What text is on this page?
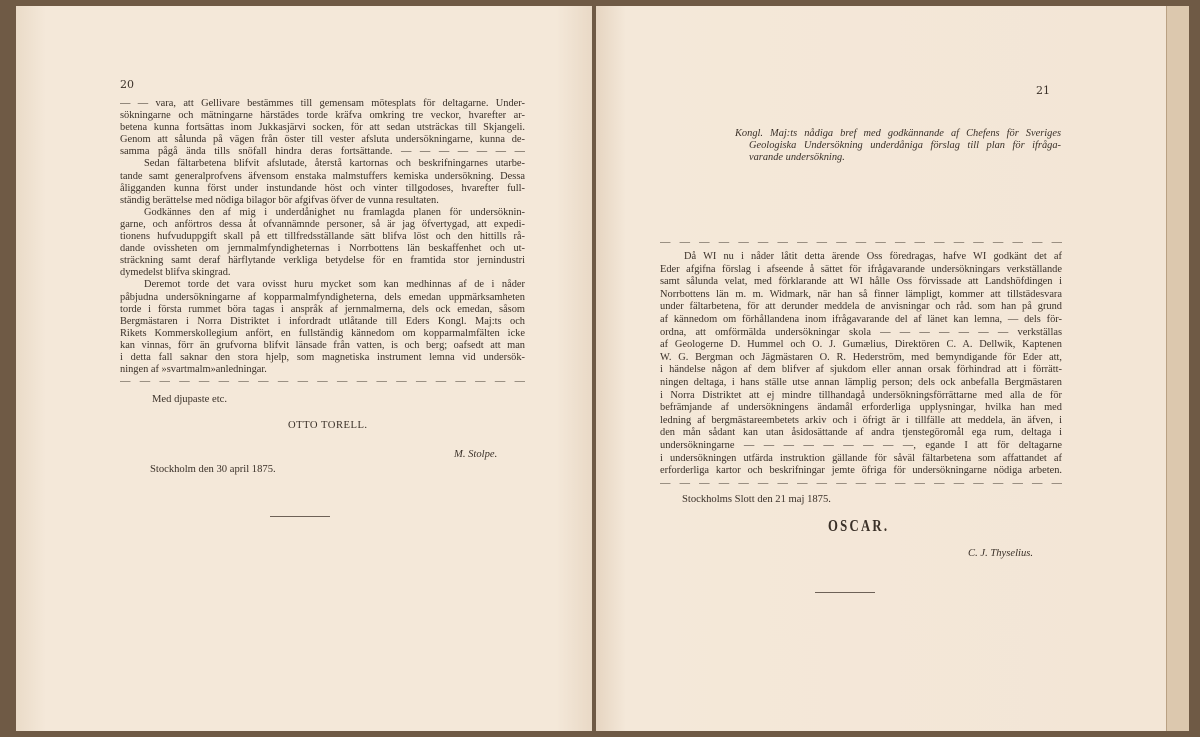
20
— — vara, att Gellivare bestämmes till gemensam mötesplats för deltagarne. Under-
sökningarne och mätningarne härstädes torde kräfva omkring tre veckor, hvarefter ar-
betena kunna fortsättas inom Jukkasjärvi socken, för att sedan utsträckas till Skjangeli.
Genom att sålunda på vägen från öster till vester afsluta undersökningarne, kunna de-
samma pågå ända tills snöfall hindra deras fortsättande. — — — — — — —
Sedan fältarbetena blifvit afslutade, återstå kartornas och beskrifningarnes utarbe-
tande samt generalprofvens äfvensom enstaka malmstuffers kemiska undersökning. Dessa
åligganden kunna först under instundande höst och vinter tillgodoses, hvarefter full-
ständig berättelse med nödiga bilagor bör afgifvas öfver de vunna resultaten.
Godkännes den af mig i underdånighet nu framlagda planen för undersöknin-
garne, och anförtros dessa åt ofvannämnde personer, så är jag öfvertygad, att expedi-
tionens hufvuduppgift skall på ett tillfredsställande sätt blifva löst och den hittills rå-
dande ovissheten om jernmalmfyndigheternas i Norrbottens län beskaffenhet och ut-
sträckning samt deraf härflytande verkliga betydelse för en framtida stor jernindustri
dymedelst blifva skingrad.
Deremot torde det vara ovisst huru mycket som kan medhinnas af de i nåder
påbjudna undersökningarne af kopparmalmfyndigheterna, dels emedan uppmärksamheten
torde i första rummet böra tagas i anspråk af jernmalmerna, dels ock emedan, såsom
Bergmästaren i Norra Distriktet i infordradt utlåtande till Eders Kongl. Maj:ts och
Rikets Kommerskollegium anfört, en fullständig kännedom om kopparmalmfälten icke
kan vinnas, förr än grufvorna blifvit länsade från vatten, is och berg; oafsedt att man
i detta fall saknar den stora hjelp, som magnetiska instrument lemna vid undersök-
ningen af »svartmalm»anledningar.
— — — — — — — — — — — — — — — — — — — — —
Med djupaste etc.
OTTO TORELL.
M. Stolpe.
Stockholm den 30 april 1875.
21
Kongl. Maj:ts nådiga bref med godkännande af Chefens för Sveriges
Geologiska Undersökning underdåniga förslag till plan för ifråga-
varande undersökning.
— — — — — — — — — — — — — — — — — — — — —
Då WI nu i nåder låtit detta ärende Oss föredragas, hafve WI godkänt det af
Eder afgifna förslag i afseende å sättet för ifrågavarande undersökningars verkställande
samt sålunda velat, med förklarande att WI hålle Oss förvissade att Landshöfdingen i
Norrbottens län m. m. Widmark, när han så finner lämpligt, kommer att tillstädesvara
under fältarbetena, för att derunder meddela de anvisningar och råd. som han på grund
af kännedom om förhållandena inom ifrågavarande del af länet kan lemna, — dels för-
ordna, att omförmälda undersökningar skola — — — — — — — verkställas
af Geologerne D. Hummel och O. J. Gumælius, Direktören C. A. Dellwik, Kaptenen
W. G. Bergman och Jägmästaren O. R. Hederström, med bemyndigande för Eder att,
i händelse någon af dem blifver af sjukdom eller annan orsak förhindrad att i förrätt-
ningen deltaga, i hans ställe utse annan lämplig person; dels ock anbefalla Bergmästaren
i Norra Distriktet att ej mindre tillhandagå undersökningsförrättarne med alla de för
befrämjande af undersökningens ändamål erforderliga upplysningar, hvilka han med
ledning af bergmästareembetets arkiv och i öfrigt är i tillfälle att meddela, än äfven, i
den mån sådant kan utan åsidosättande af andra tjenstegöromål ega rum, deltaga i
undersökningarne — — — — — — — — —, egande I att för deltagarne
i undersökningen utfärda instruktion gällande för såväl fältarbetena som affattandet af
erforderliga kartor och beskrifningar jemte öfriga för undersökningarne nödiga arbeten.
— — — — — — — — — — — — — — — — — — — — —
Stockholms Slott den 21 maj 1875.
OSCAR.
C. J. Thyselius.
